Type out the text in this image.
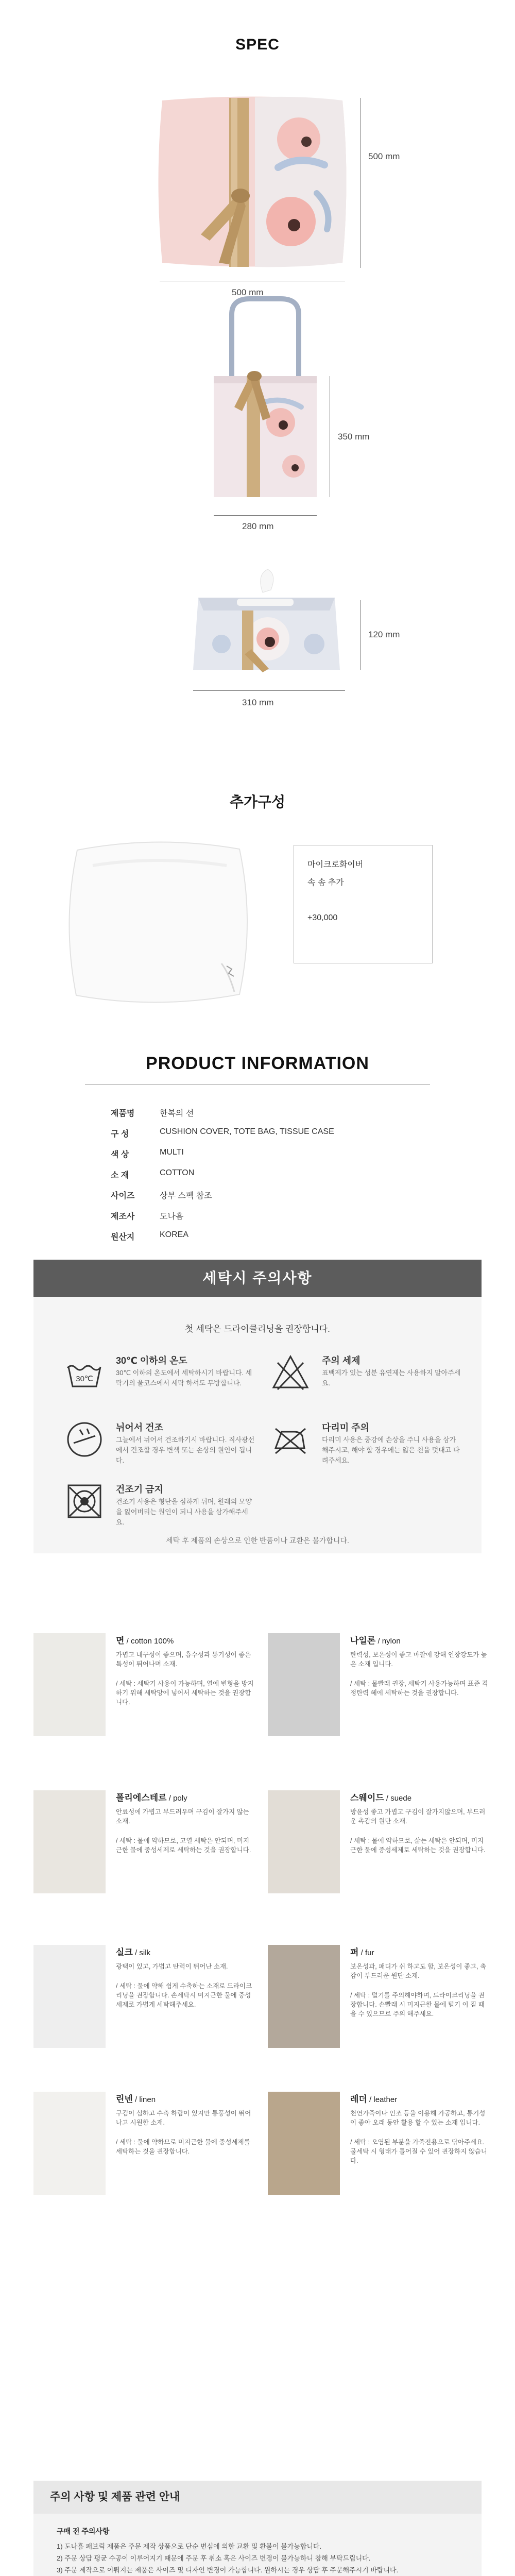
SPEC
500 mm
500 mm
350 mm
280 mm
120 mm
310 mm
추가구성
마이크로화이버
속 솜 추가
+30,000
PRODUCT INFORMATION
제품명	한복의 선
구 성	CUSHION COVER, TOTE BAG, TISSUE CASE
색 상	MULTI
소 재	COTTON
사이즈	상부 스펙 참조
제조사	도나흠
원산지	KOREA
세탁시 주의사항
첫 세탁은 드라이클리닝을 권장합니다.
30℃
30℃ 이하의 온도
30℃ 이하의 온도에서 세탁하시기 바랍니다. 세탁기의 울코스에서 세탁 하셔도 무방합니다.
주의 세제
표백제가 있는 성분 유연제는 사용하지 말아주세요.
뉘어서 건조
그늘에서 뉘어서 건조하기시 바랍니다. 직사광선에서 건조할 경우 변색 또는 손상의 원인이 됩니다.
다리미 주의
다리미 사용은 중강에 손상을 주니 사용을 삼가해주시고, 해야 할 경우에는 얇은 천을 덧대고 다려주세요.
건조기 금지
건조기 사용은 형단을 심하게 뒤며, 원래의 모양을 잃어버리는 원인이 되니 사용을 삼가해주세요.
세탁 후 제품의 손상으로 인한 반품이나 교환은 불가합니다.
면 / cotton 100%
가볍고 내구성이 좋으며, 흡수성과 통기성이 좋은 특성이 뛰어나며 소재.
/ 세탁 : 세탁기 사용이 가능하며, 열에 변형을 방지하기 위해 세탁망에 넣어서 세탁하는 것을 권장합니다.
나일론 / nylon
탄력성, 보온성이 좋고 마찰에 강해 인장강도가 높은 소재 입니다.
/ 세탁 : 물빨래 권장, 세탁기 사용가능하며 표준 격정탄력 헤에 세탁하는 것을 권장합니다.
폴리에스테르 / poly
안료성에 가볍고 부드러우며 구김이 잘가지 않는 소재.
/ 세탁 : 물에 약하므로, 고열 세탁은 안되며, 미지근한 물에 중성세제로 세탁하는 것을 권장합니다.
스웨이드 / suede
방윤성 좋고 가볍고 구김이 잘가지않으며, 부드러운 촉감의 원단 소재.
/ 세탁 : 물에 약하므로, 삶는 세탁은 안되며, 미지근한 물에 중성세제로 세탁하는 것을 권장합니다.
실크 / silk
광택이 있고, 가볍고 탄력이 뛰어난 소재.
/ 세탁 : 물에 약해 쉽게 수축하는 소재로 드라이크리닝을 권장합니다. 손세탁시 미지근한 물에 중성세제로 가볍게 세탁해주세요.
퍼 / fur
보온성과, 패디가 쉬 하고도 함, 보온성이 좋고, 촉감이 부드러운 원단 소재.
/ 세탁 : 털기를 주의해야하며, 드라이크리닝을 권장합니다. 손빨래 시 미지근한 물에 털기 이 짙 때 을 수 있으므로 주의 해주세요.
린넨 / linen
구김이 심하고 수축 하람이 있지만 통풍성이 뛰어나고 시원한 소재.
/ 세탁 : 물에 약하므로 미지근한 물에 중성세제를 세탁하는 것을 권장합니다.
레더 / leather
천연가죽이나 인조 등을 이용해 가공하고, 통기성이 좋아 오래 동안 활용 할 수 있는 소재 입니다.
/ 세탁 : 오염된 부분을 가죽전용으로 닦아주세요. 물세탁 시 형태가 틀어질 수 있어 권장하지 않습니다.
주의 사항 및 제품 관련 안내
구매 전 주의사항

1) 도나흠 패브릭 제품은 주문 제작 상품으로 단순 변심에 의한 교환 및 환불이 불가능합니다.

2) 주문 상담 평균 수공이 이루어지기 때문에 주문 후 취소 혹은 사이즈 변경이 불가능하니 참해 부탁드립니다.

3) 주문 제작으로 이뤄지는 제품은 사이즈 및 디자인 변경이 가능합니다. 원하시는 경우 상담 후 주문해주시기 바랍니다.
